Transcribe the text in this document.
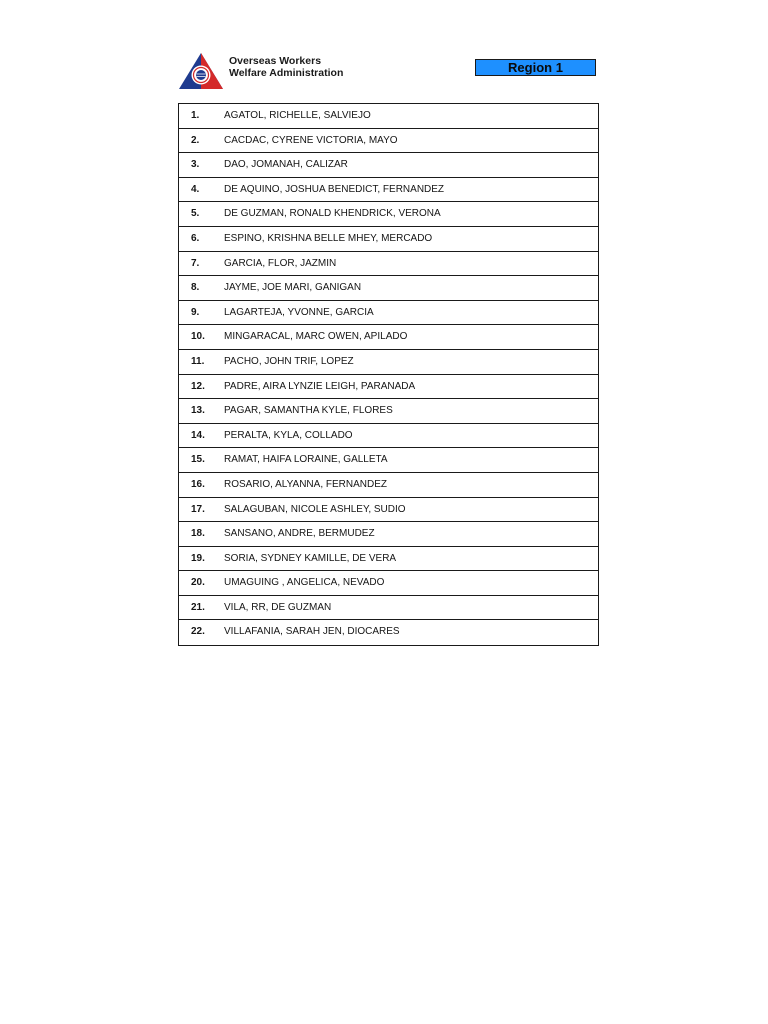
Overseas Workers
Welfare Administration	Region 1
1. AGATOL, RICHELLE, SALVIEJO
2. CACDAC, CYRENE VICTORIA, MAYO
3. DAO, JOMANAH, CALIZAR
4. DE AQUINO, JOSHUA BENEDICT, FERNANDEZ
5. DE GUZMAN, RONALD KHENDRICK, VERONA
6. ESPINO, KRISHNA BELLE MHEY, MERCADO
7. GARCIA, FLOR, JAZMIN
8. JAYME, JOE MARI, GANIGAN
9. LAGARTEJA, YVONNE, GARCIA
10. MINGARACAL, MARC OWEN, APILADO
11. PACHO, JOHN TRIF, LOPEZ
12. PADRE, AIRA LYNZIE LEIGH, PARANADA
13. PAGAR, SAMANTHA KYLE, FLORES
14. PERALTA, KYLA, COLLADO
15. RAMAT, HAIFA LORAINE, GALLETA
16. ROSARIO, ALYANNA, FERNANDEZ
17. SALAGUBAN, NICOLE ASHLEY, SUDIO
18. SANSANO, ANDRE, BERMUDEZ
19. SORIA, SYDNEY KAMILLE, DE VERA
20. UMAGUING , ANGELICA, NEVADO
21. VILA, RR, DE GUZMAN
22. VILLAFANIA, SARAH JEN, DIOCARES
